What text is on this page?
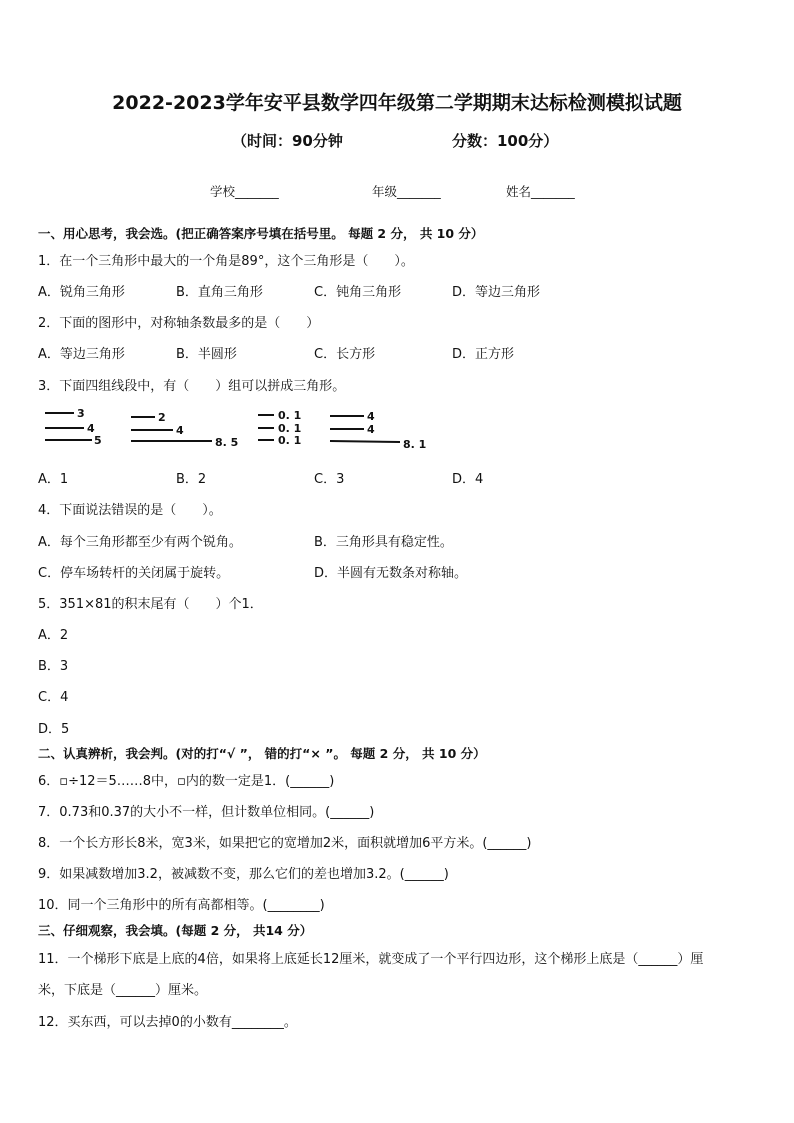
2022-2023学年安平县数学四年级第二学期期末达标检测模拟试题
（时间：90分钟	分数：100分）
学校_______	年级_______	姓名_______
一、用心思考，我会选。(把正确答案序号填在括号里。 每题 2 分， 共 10 分）
1．在一个三角形中最大的一个角是89°，这个三角形是（　　）。
A．锐角三角形	B．直角三角形	C．钝角三角形	D．等边三角形
2．下面的图形中，对称轴条数最多的是（　　）
A．等边三角形	B．半圆形	C．长方形	D．正方形
3．下面四组线段中，有（　　）组可以拼成三角形。
3
4
5
2
4
8. 5
0. 1
0. 1
0. 1
4
4
8. 1
A．1	B．2	C．3	D．4
4．下面说法错误的是（　　）。
A．每个三角形都至少有两个锐角。	B．三角形具有稳定性。
C．停车场转杆的关闭属于旋转。	D．半圆有无数条对称轴。
5．351×81的积末尾有（　　）个1．
A．2
B．3
C．4
D．5
二、认真辨析，我会判。(对的打“√ ”， 错的打“× ”。 每题 2 分， 共 10 分）
6．▫÷12＝5……8中，▫内的数一定是1．(______)
7．0.73和0.37的大小不一样，但计数单位相同。(______)
8．一个长方形长8米，宽3米，如果把它的宽增加2米，面积就增加6平方米。(______)
9．如果减数增加3.2，被减数不变，那么它们的差也增加3.2。(______)
10．同一个三角形中的所有高都相等。(________)
三、仔细观察，我会填。(每题 2 分， 共14 分）
11．一个梯形下底是上底的4倍，如果将上底延长12厘米，就变成了一个平行四边形，这个梯形上底是（______）厘
米，下底是（______）厘米。
12．买东西，可以去掉0的小数有________。
